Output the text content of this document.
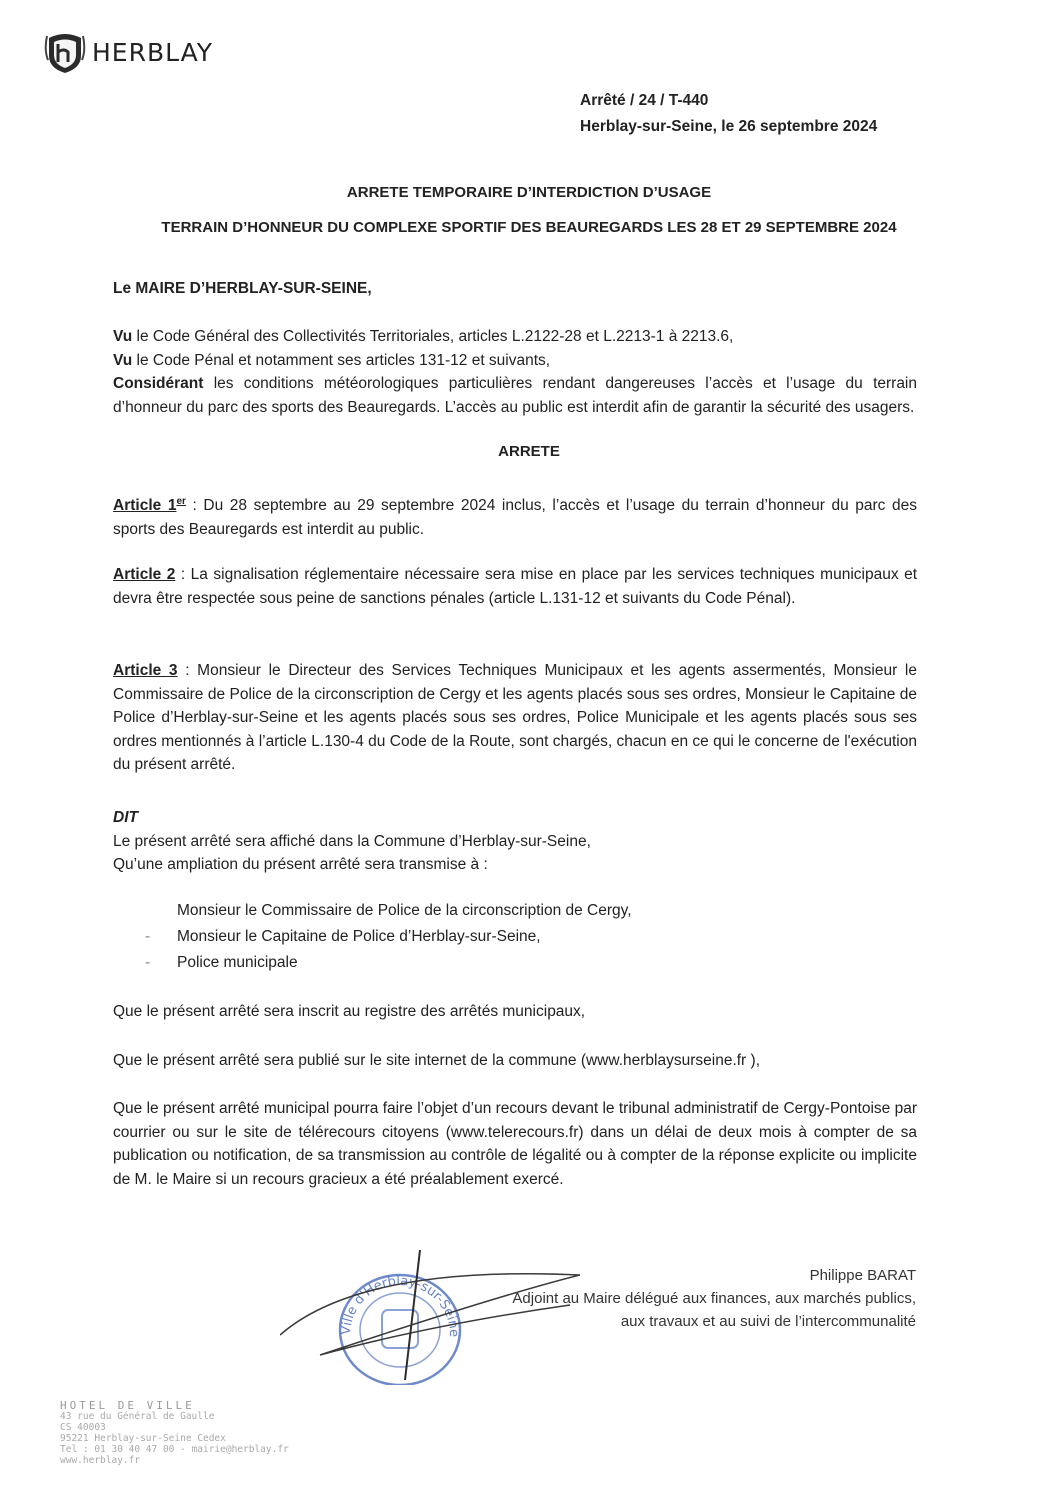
HERBLAY
Arrêté / 24 / T-440
Herblay-sur-Seine, le 26 septembre 2024
ARRETE TEMPORAIRE D’INTERDICTION D’USAGE
TERRAIN D’HONNEUR DU COMPLEXE SPORTIF DES BEAUREGARDS LES 28 ET 29 SEPTEMBRE 2024
Le MAIRE D’HERBLAY-SUR-SEINE,

Vu le Code Général des Collectivités Territoriales, articles L.2122-28 et L.2213-1 à 2213.6,

Vu le Code Pénal et notamment ses articles 131-12 et suivants,

Considérant les conditions météorologiques particulières rendant dangereuses l’accès et l’usage du terrain d’honneur du parc des sports des Beauregards. L’accès au public est interdit afin de garantir la sécurité des usagers.

ARRETE

Article 1er : Du 28 septembre au 29 septembre 2024 inclus, l’accès et l’usage du terrain d’honneur du parc des sports des Beauregards est interdit au public.

Article 2 : La signalisation réglementaire nécessaire sera mise en place par les services techniques municipaux et devra être respectée sous peine de sanctions pénales (article L.131-12 et suivants du Code Pénal).

Article 3 : Monsieur le Directeur des Services Techniques Municipaux et les agents assermentés, Monsieur le Commissaire de Police de la circonscription de Cergy et les agents placés sous ses ordres, Monsieur le Capitaine de Police d’Herblay-sur-Seine et les agents placés sous ses ordres, Police Municipale et les agents placés sous ses ordres mentionnés à l’article L.130-4 du Code de la Route, sont chargés, chacun en ce qui le concerne de l'exécution du présent arrêté.

DIT

Le présent arrêté sera affiché dans la Commune d’Herblay-sur-Seine,

Qu’une ampliation du présent arrêté sera transmise à :

Monsieur le Commissaire de Police de la circonscription de Cergy,
-	Monsieur le Capitaine de Police d’Herblay-sur-Seine,
-	Police municipale
Que le présent arrêté sera inscrit au registre des arrêtés municipaux,
Que le présent arrêté sera publié sur le site internet de la commune (www.herblaysurseine.fr ),
Que le présent arrêté municipal pourra faire l’objet d’un recours devant le tribunal administratif de Cergy-Pontoise par courrier ou sur le site de télérecours citoyens (www.telerecours.fr) dans un délai de deux mois à compter de sa publication ou notification, de sa transmission au contrôle de légalité ou à compter de la réponse explicite ou implicite de M. le Maire si un recours gracieux a été préalablement exercé.
Ville d'Herblay-sur-Seine
Philippe BARAT
Adjoint au Maire délégué aux finances, aux marchés publics,
aux travaux et au suivi de l’intercommunalité
HOTEL DE VILLE
43 rue du Général de Gaulle
CS 40003
95221 Herblay-sur-Seine Cedex
Tel : 01 30 40 47 00 - mairie@herblay.fr
www.herblay.fr
